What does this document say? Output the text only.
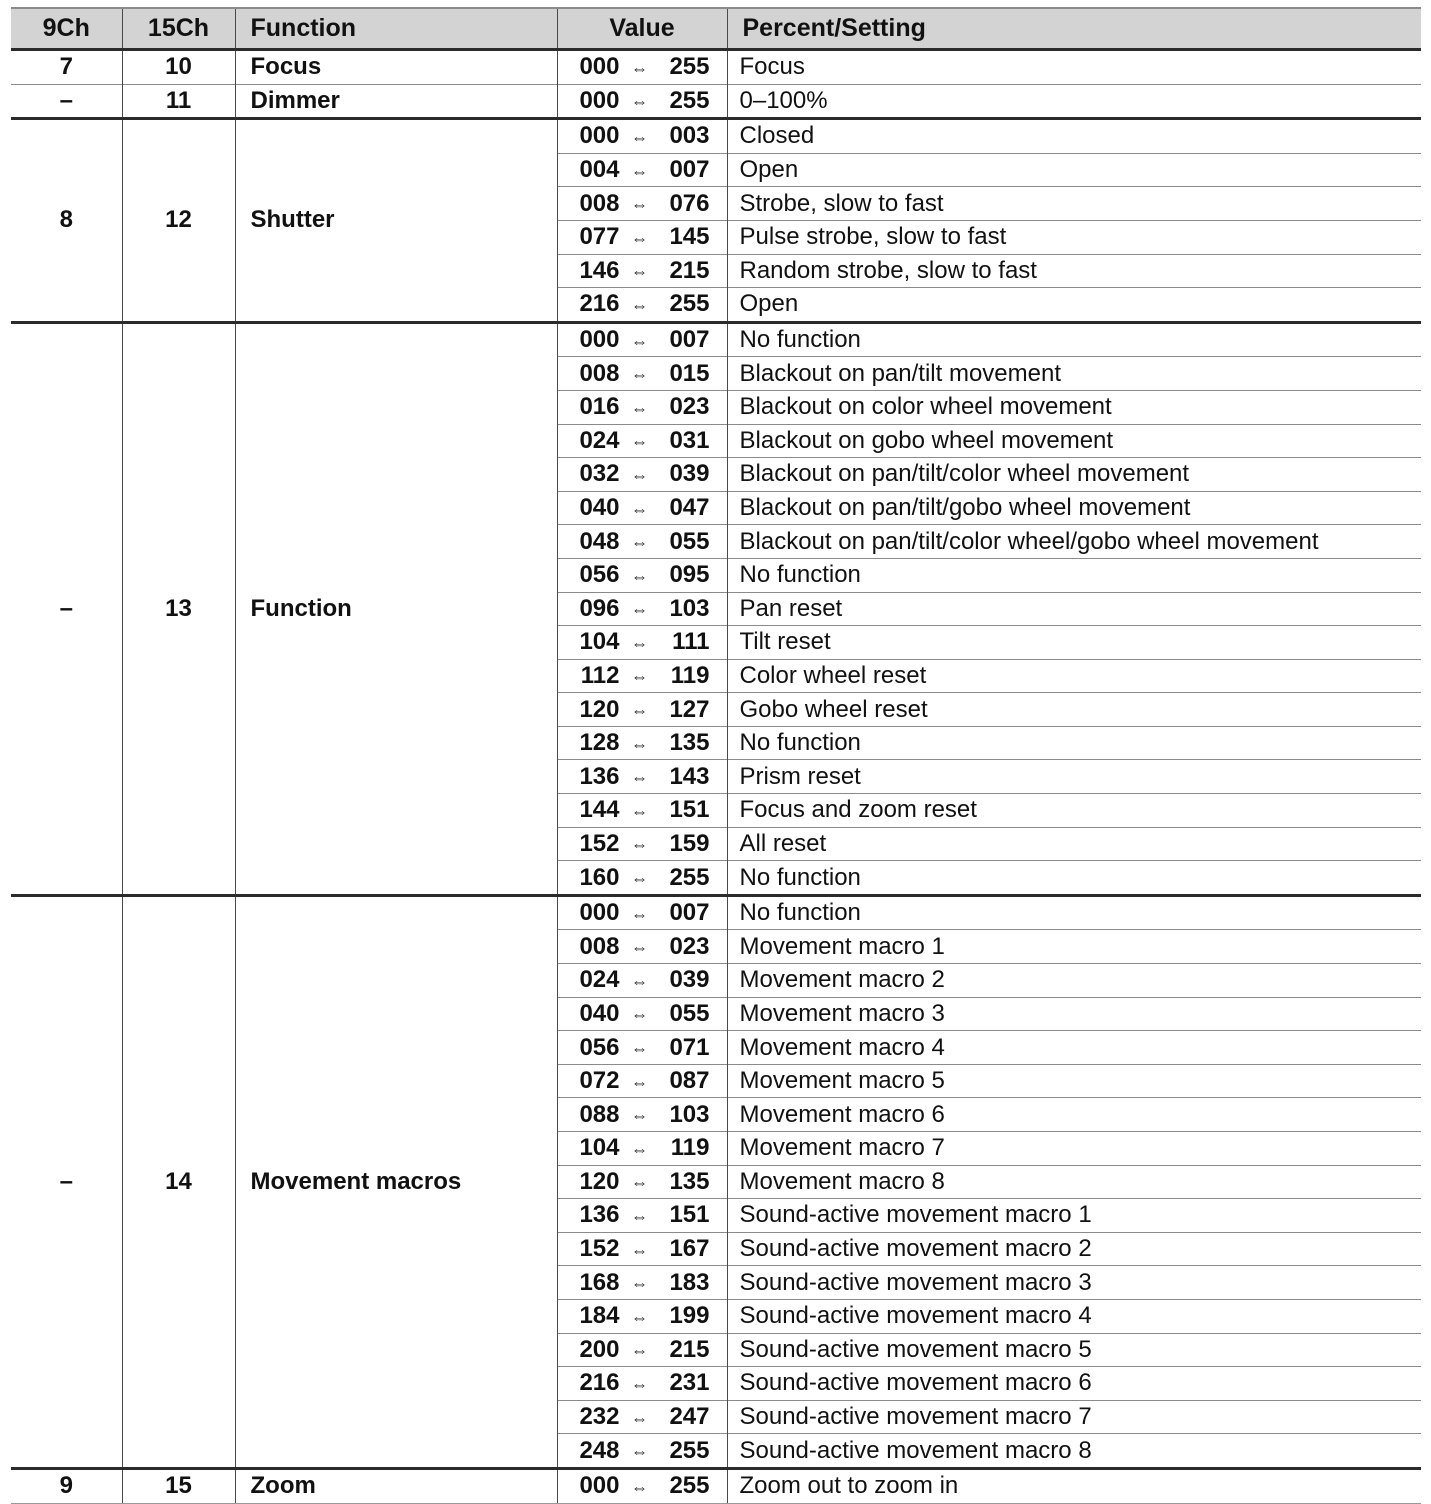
9Ch	15Ch	Function	Value	Percent/Setting
7	10	Focus	000 ⇔ 255	Focus
–	11	Dimmer	000 ⇔ 255	0–100%
8	12	Shutter	000 ⇔ 003	Closed

			004 ⇔ 007	Open

			008 ⇔ 076	Strobe, slow to fast

			077 ⇔ 145	Pulse strobe, slow to fast

			146 ⇔ 215	Random strobe, slow to fast

			216 ⇔ 255	Open
–	13	Function	000 ⇔ 007	No function

			008 ⇔ 015	Blackout on pan/tilt movement

			016 ⇔ 023	Blackout on color wheel movement

			024 ⇔ 031	Blackout on gobo wheel movement

			032 ⇔ 039	Blackout on pan/tilt/color wheel movement

			040 ⇔ 047	Blackout on pan/tilt/gobo wheel movement

			048 ⇔ 055	Blackout on pan/tilt/color wheel/gobo wheel movement

			056 ⇔ 095	No function

			096 ⇔ 103	Pan reset

			104 ⇔ 111	Tilt reset

			112 ⇔ 119	Color wheel reset

			120 ⇔ 127	Gobo wheel reset

			128 ⇔ 135	No function

			136 ⇔ 143	Prism reset

			144 ⇔ 151	Focus and zoom reset

			152 ⇔ 159	All reset

			160 ⇔ 255	No function
–	14	Movement macros	000 ⇔ 007	No function

			008 ⇔ 023	Movement macro 1

			024 ⇔ 039	Movement macro 2

			040 ⇔ 055	Movement macro 3

			056 ⇔ 071	Movement macro 4

			072 ⇔ 087	Movement macro 5

			088 ⇔ 103	Movement macro 6

			104 ⇔ 119	Movement macro 7

			120 ⇔ 135	Movement macro 8

			136 ⇔ 151	Sound-active movement macro 1

			152 ⇔ 167	Sound-active movement macro 2

			168 ⇔ 183	Sound-active movement macro 3

			184 ⇔ 199	Sound-active movement macro 4

			200 ⇔ 215	Sound-active movement macro 5

			216 ⇔ 231	Sound-active movement macro 6

			232 ⇔ 247	Sound-active movement macro 7

			248 ⇔ 255	Sound-active movement macro 8
9	15	Zoom	000 ⇔ 255	Zoom out to zoom in
